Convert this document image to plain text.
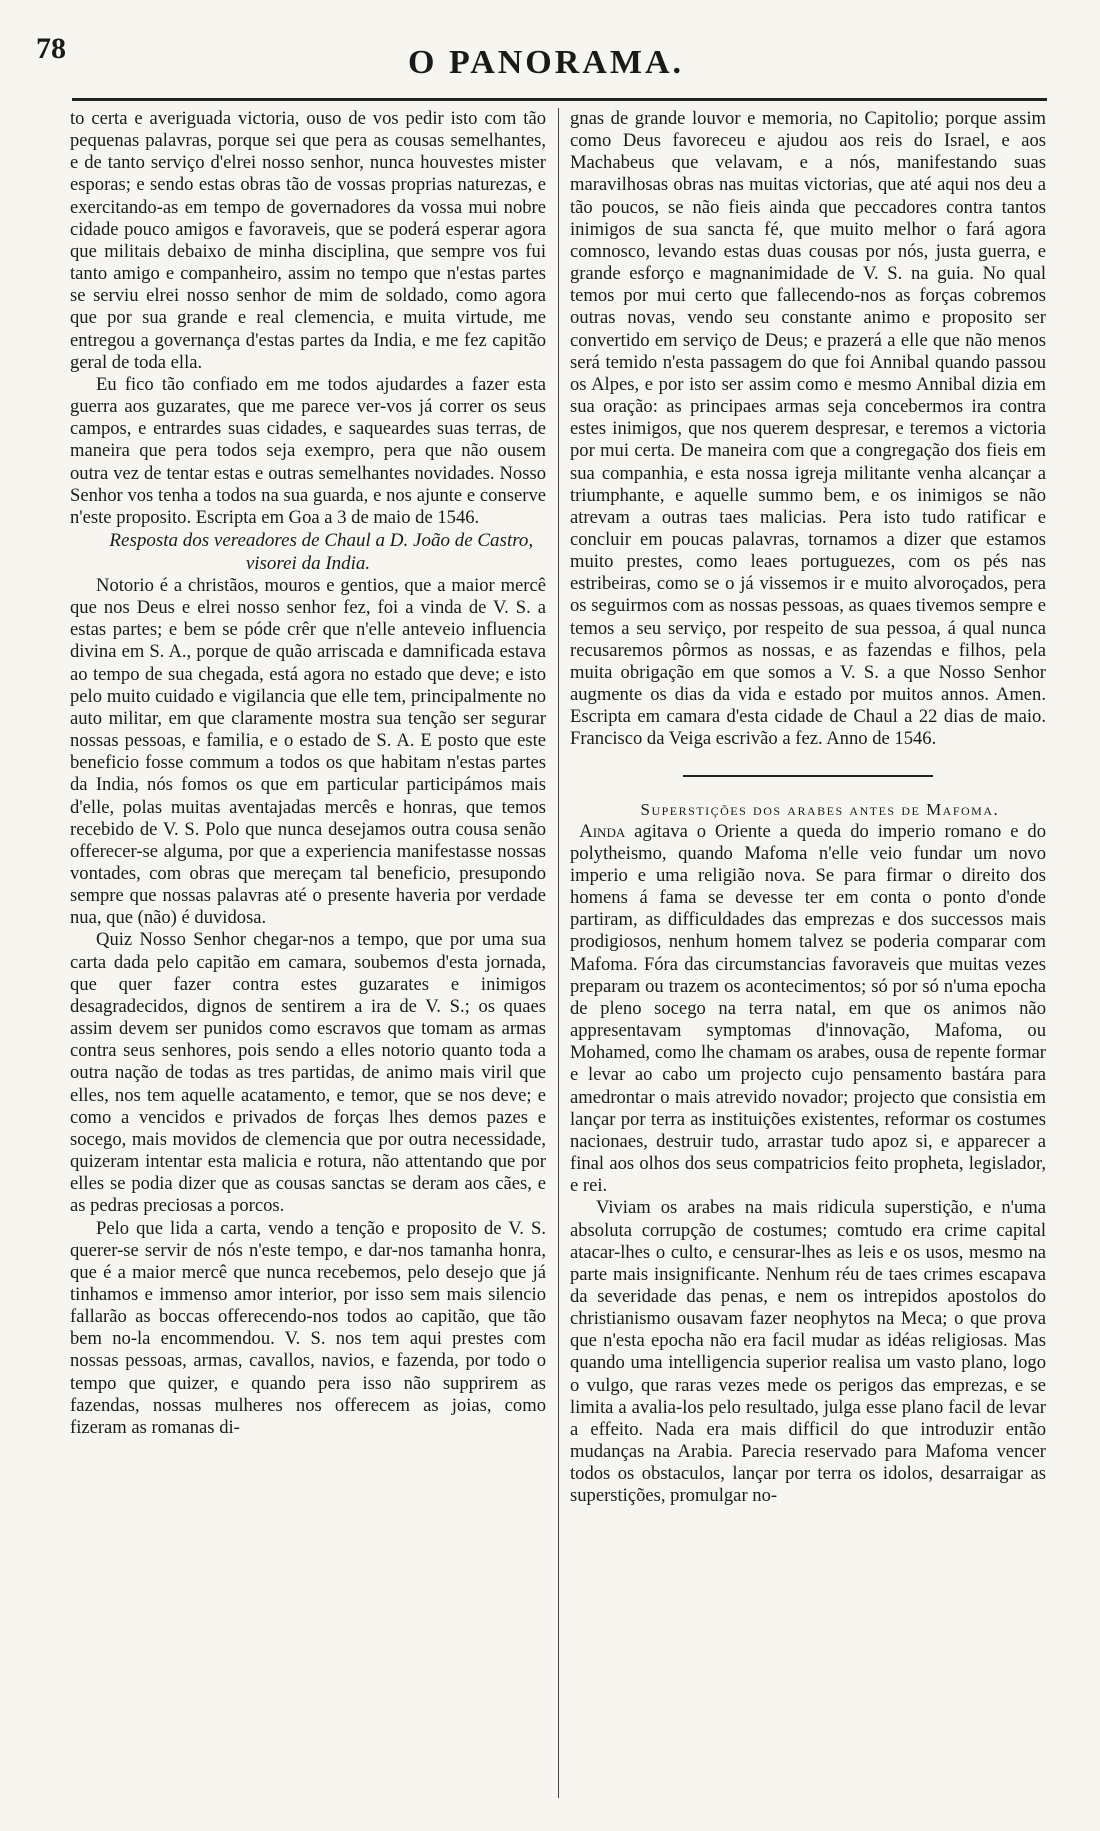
78	O PANORAMA.

to certa e averiguada victoria, ouso de vos pedir isto com tão pequenas palavras, porque sei que pera as cousas semelhantes, e de tanto serviço d'elrei nosso senhor, nunca houvestes mister esporas; e sendo estas obras tão de vossas proprias naturezas, e exercitando-as em tempo de governadores da vossa mui nobre cidade pouco amigos e favoraveis, que se poderá esperar agora que militais debaixo de minha disciplina, que sempre vos fui tanto amigo e companheiro, assim no tempo que n'estas partes se serviu elrei nosso senhor de mim de soldado, como agora que por sua grande e real clemencia, e muita virtude, me entregou a governança d'estas partes da India, e me fez capitão geral de toda ella.

Eu fico tão confiado em me todos ajudardes a fazer esta guerra aos guzarates, que me parece ver-vos já correr os seus campos, e entrardes suas cidades, e saqueardes suas terras, de maneira que pera todos seja exempro, pera que não ousem outra vez de tentar estas e outras semelhantes novidades. Nosso Senhor vos tenha a todos na sua guarda, e nos ajunte e conserve n'este proposito. Escripta em Goa a 3 de maio de 1546.

Resposta dos vereadores de Chaul a D. João de Castro, visorei da India.

Notorio é a christãos, mouros e gentios, que a maior mercê que nos Deus e elrei nosso senhor fez, foi a vinda de V. S. a estas partes; e bem se póde crêr que n'elle anteveio influencia divina em S. A., porque de quão arriscada e damnificada estava ao tempo de sua chegada, está agora no estado que deve; e isto pelo muito cuidado e vigilancia que elle tem, principalmente no auto militar, em que claramente mostra sua tenção ser segurar nossas pessoas, e familia, e o estado de S. A. E posto que este beneficio fosse commum a todos os que habitam n'estas partes da India, nós fomos os que em particular participámos mais d'elle, polas muitas aventajadas mercês e honras, que temos recebido de V. S. Polo que nunca desejamos outra cousa senão offerecer-se alguma, por que a experiencia manifestasse nossas vontades, com obras que mereçam tal beneficio, presupondo sempre que nossas palavras até o presente haveria por verdade nua, que (não) é duvidosa.

Quiz Nosso Senhor chegar-nos a tempo, que por uma sua carta dada pelo capitão em camara, soubemos d'esta jornada, que quer fazer contra estes guzarates e inimigos desagradecidos, dignos de sentirem a ira de V. S.; os quaes assim devem ser punidos como escravos que tomam as armas contra seus senhores, pois sendo a elles notorio quanto toda a outra nação de todas as tres partidas, de animo mais viril que elles, nos tem aquelle acatamento, e temor, que se nos deve; e como a vencidos e privados de forças lhes demos pazes e socego, mais movidos de clemencia que por outra necessidade, quizeram intentar esta malicia e rotura, não attentando que por elles se podia dizer que as cousas sanctas se deram aos cães, e as pedras preciosas a porcos.

Pelo que lida a carta, vendo a tenção e proposito de V. S. querer-se servir de nós n'este tempo, e dar-nos tamanha honra, que é a maior mercê que nunca recebemos, pelo desejo que já tinhamos e immenso amor interior, por isso sem mais silencio fallarão as boccas offerecendo-nos todos ao capitão, que tão bem no-la encommendou. V. S. nos tem aqui prestes com nossas pessoas, armas, cavallos, navios, e fazenda, por todo o tempo que quizer, e quando pera isso não supprirem as fazendas, nossas mulheres nos offerecem as joias, como fizeram as romanas di-

gnas de grande louvor e memoria, no Capitolio; porque assim como Deus favoreceu e ajudou aos reis do Israel, e aos Machabeus que velavam, e a nós, manifestando suas maravilhosas obras nas muitas victorias, que até aqui nos deu a tão poucos, se não fieis ainda que peccadores contra tantos inimigos de sua sancta fé, que muito melhor o fará agora comnosco, levando estas duas cousas por nós, justa guerra, e grande esforço e magnanimidade de V. S. na guia. No qual temos por mui certo que fallecendo-nos as forças cobremos outras novas, vendo seu constante animo e proposito ser convertido em serviço de Deus; e prazerá a elle que não menos será temido n'esta passagem do que foi Annibal quando passou os Alpes, e por isto ser assim como e mesmo Annibal dizia em sua oração: as principaes armas seja concebermos ira contra estes inimigos, que nos querem despresar, e teremos a victoria por mui certa. De maneira com que a congregação dos fieis em sua companhia, e esta nossa igreja militante venha alcançar a triumphante, e aquelle summo bem, e os inimigos se não atrevam a outras taes malicias. Pera isto tudo ratificar e concluir em poucas palavras, tornamos a dizer que estamos muito prestes, como leaes portuguezes, com os pés nas estribeiras, como se o já vissemos ir e muito alvoroçados, pera os seguirmos com as nossas pessoas, as quaes tivemos sempre e temos a seu serviço, por respeito de sua pessoa, á qual nunca recusaremos pôrmos as nossas, e as fazendas e filhos, pela muita obrigação em que somos a V. S. a que Nosso Senhor augmente os dias da vida e estado por muitos annos. Amen. Escripta em camara d'esta cidade de Chaul a 22 dias de maio. Francisco da Veiga escrivão a fez. Anno de 1546.

Superstições dos arabes antes de Mafoma.

Ainda agitava o Oriente a queda do imperio romano e do polytheismo, quando Mafoma n'elle veio fundar um novo imperio e uma religião nova. Se para firmar o direito dos homens á fama se devesse ter em conta o ponto d'onde partiram, as difficuldades das emprezas e dos successos mais prodigiosos, nenhum homem talvez se poderia comparar com Mafoma. Fóra das circumstancias favoraveis que muitas vezes preparam ou trazem os acontecimentos; só por só n'uma epocha de pleno socego na terra natal, em que os animos não appresentavam symptomas d'innovação, Mafoma, ou Mohamed, como lhe chamam os arabes, ousa de repente formar e levar ao cabo um projecto cujo pensamento bastára para amedrontar o mais atrevido novador; projecto que consistia em lançar por terra as instituições existentes, reformar os costumes nacionaes, destruir tudo, arrastar tudo apoz si, e apparecer a final aos olhos dos seus compatricios feito propheta, legislador, e rei.

Viviam os arabes na mais ridicula superstição, e n'uma absoluta corrupção de costumes; comtudo era crime capital atacar-lhes o culto, e censurar-lhes as leis e os usos, mesmo na parte mais insignificante. Nenhum réu de taes crimes escapava da severidade das penas, e nem os intrepidos apostolos do christianismo ousavam fazer neophytos na Meca; o que prova que n'esta epocha não era facil mudar as idéas religiosas. Mas quando uma intelligencia superior realisa um vasto plano, logo o vulgo, que raras vezes mede os perigos das emprezas, e se limita a avalia-los pelo resultado, julga esse plano facil de levar a effeito. Nada era mais difficil do que introduzir então mudanças na Arabia. Parecia reservado para Mafoma vencer todos os obstaculos, lançar por terra os idolos, desarraigar as superstições, promulgar no-
